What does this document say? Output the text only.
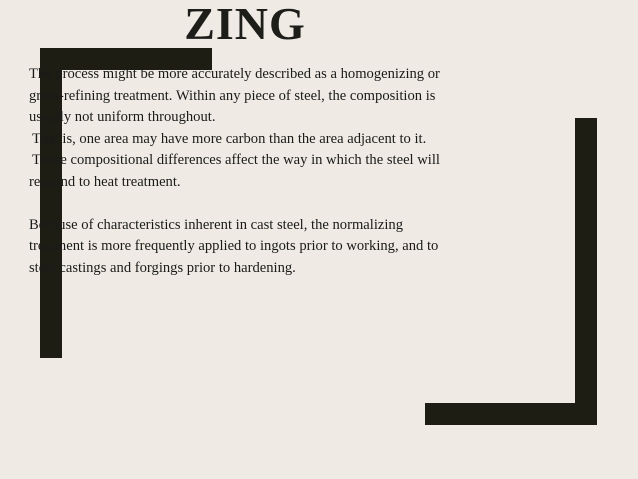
ZING
The process might be more accurately described as a homogenizing or
grain-refining treatment. Within any piece of steel, the composition is
usually not uniform throughout.
That is, one area may have more carbon than the area adjacent to it.
These compositional differences affect the way in which the steel will
respond to heat treatment.
Because of characteristics inherent in cast steel, the normalizing
treatment is more frequently applied to ingots prior to working, and to
steel castings and forgings prior to hardening.
